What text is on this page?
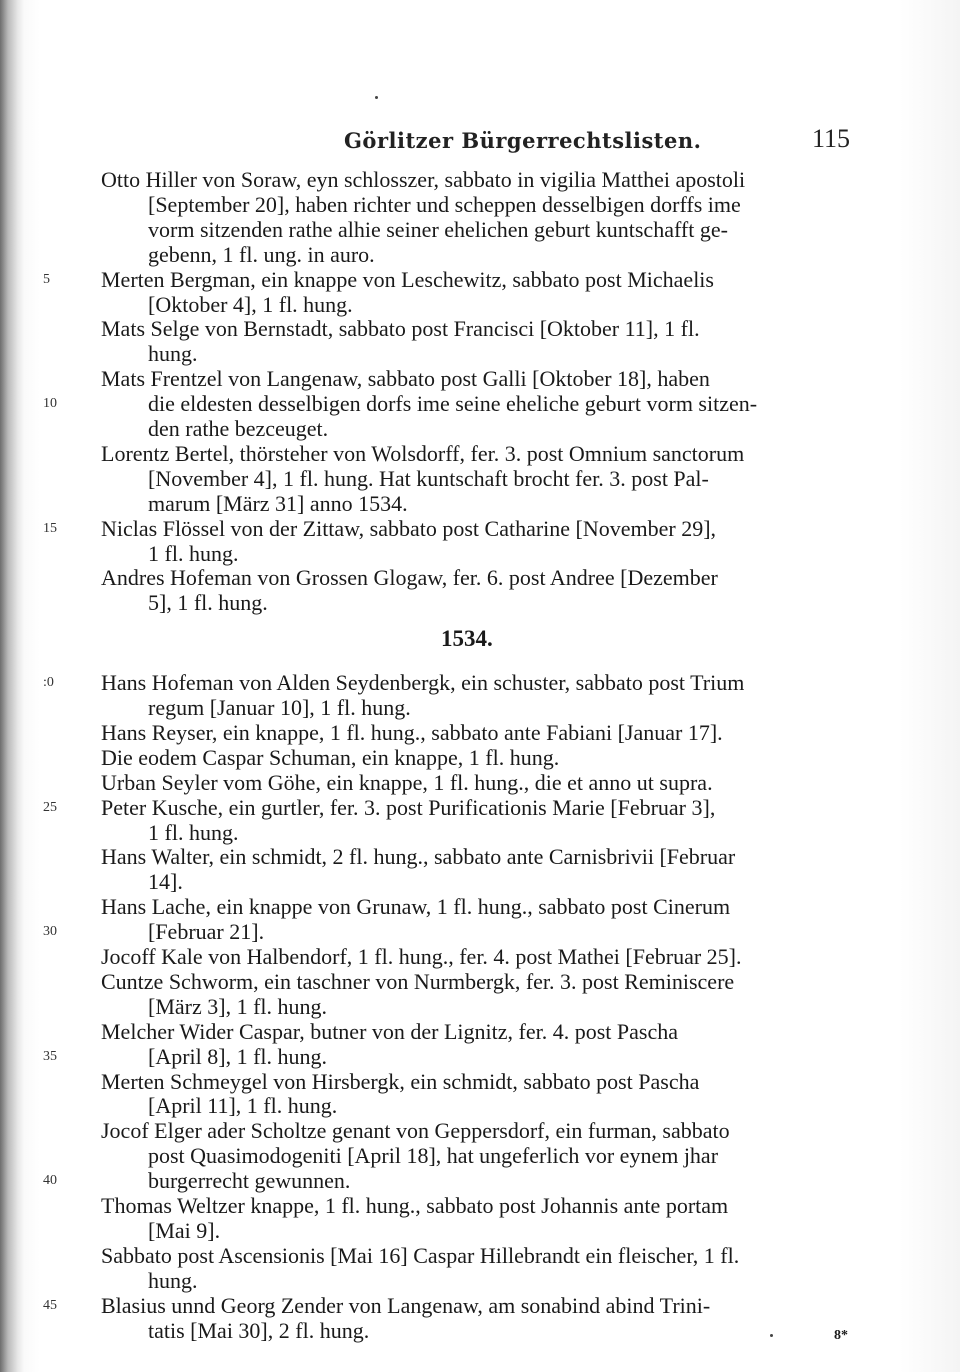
Görlitzer Bürgerrechtslisten.	115
Otto Hiller von Soraw, eyn schlosszer, sabbato in vigilia Matthei apostoli
[September 20], haben richter und scheppen desselbigen dorffs ime
vorm sitzenden rathe alhie seiner ehelichen geburt kuntschafft ge-
gebenn, 1 fl. ung. in auro.
Merten Bergman, ein knappe von Leschewitz, sabbato post Michaelis
5
[Oktober 4], 1 fl. hung.
Mats Selge von Bernstadt, sabbato post Francisci [Oktober 11], 1 fl.
hung.
Mats Frentzel von Langenaw, sabbato post Galli [Oktober 18], haben
die eldesten desselbigen dorfs ime seine eheliche geburt vorm sitzen-
10
den rathe bezceuget.
Lorentz Bertel, thörsteher von Wolsdorff, fer. 3. post Omnium sanctorum
[November 4], 1 fl. hung. Hat kuntschaft brocht fer. 3. post Pal-
marum [März 31] anno 1534.
Niclas Flössel von der Zittaw, sabbato post Catharine [November 29],
15
1 fl. hung.
Andres Hofeman von Grossen Glogaw, fer. 6. post Andree [Dezember
5], 1 fl. hung.
1534.
Hans Hofeman von Alden Seydenbergk, ein schuster, sabbato post Trium
:0
regum [Januar 10], 1 fl. hung.
Hans Reyser, ein knappe, 1 fl. hung., sabbato ante Fabiani [Januar 17].
Die eodem Caspar Schuman, ein knappe, 1 fl. hung.
Urban Seyler vom Göhe, ein knappe, 1 fl. hung., die et anno ut supra.
Peter Kusche, ein gurtler, fer. 3. post Purificationis Marie [Februar 3],
25
1 fl. hung.
Hans Walter, ein schmidt, 2 fl. hung., sabbato ante Carnisbrivii [Februar
14].
Hans Lache, ein knappe von Grunaw, 1 fl. hung., sabbato post Cinerum
[Februar 21].
30
Jocoff Kale von Halbendorf, 1 fl. hung., fer. 4. post Mathei [Februar 25].
Cuntze Schworm, ein taschner von Nurmbergk, fer. 3. post Reminiscere
[März 3], 1 fl. hung.
Melcher Wider Caspar, butner von der Lignitz, fer. 4. post Pascha
[April 8], 1 fl. hung.
35
Merten Schmeygel von Hirsbergk, ein schmidt, sabbato post Pascha
[April 11], 1 fl. hung.
Jocof Elger ader Scholtze genant von Geppersdorf, ein furman, sabbato
post Quasimodogeniti [April 18], hat ungeferlich vor eynem jhar
burgerrecht gewunnen.
40
Thomas Weltzer knappe, 1 fl. hung., sabbato post Johannis ante portam
[Mai 9].
Sabbato post Ascensionis [Mai 16] Caspar Hillebrandt ein fleischer, 1 fl.
hung.
Blasius unnd Georg Zender von Langenaw, am sonabind abind Trini-
45
tatis [Mai 30], 2 fl. hung.	8*
